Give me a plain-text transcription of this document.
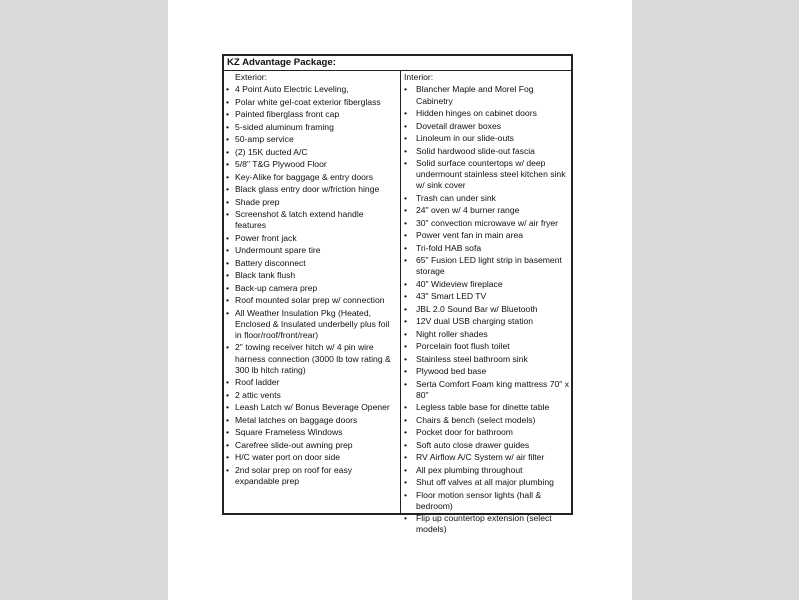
KZ Advantage Package:
Exterior:
• 4 Point Auto Electric Leveling,
• Polar white gel-coat exterior fiberglass
• Painted fiberglass front cap
• 5-sided aluminum framing
• 50-amp service
• (2) 15K ducted A/C
• 5/8" T&G Plywood Floor
• Key-Alike for baggage & entry doors
• Black glass entry door w/friction hinge
• Shade prep
• Screenshot & latch extend handle features
• Power front jack
• Undermount spare tire
• Battery disconnect
• Black tank flush
• Back-up camera prep
• Roof mounted solar prep w/ connection
• All Weather Insulation Pkg (Heated, Enclosed & Insulated underbelly plus foil in floor/roof/front/rear)
• 2" towing receiver hitch w/ 4 pin wire harness connection (3000 lb tow rating & 300 lb hitch rating)
• Roof ladder
• 2 attic vents
• Leash Latch w/ Bonus Beverage Opener
• Metal latches on baggage doors
• Square Frameless Windows
• Carefree slide-out awning prep
• H/C water port on door side
• 2nd solar prep on roof for easy expandable prep
Interior:
• Blancher Maple and Morel Fog Cabinetry
• Hidden hinges on cabinet doors
• Dovetail drawer boxes
• Linoleum in our slide-outs
• Solid hardwood slide-out fascia
• Solid surface countertops w/ deep undermount stainless steel kitchen sink w/ sink cover
• Trash can under sink
• 24" oven w/ 4 burner range
• 30" convection microwave w/ air fryer
• Power vent fan in main area
• Tri-fold HAB sofa
• 65" Fusion LED light strip in basement storage
• 40" Wideview fireplace
• 43" Smart LED TV
• JBL 2.0 Sound Bar w/ Bluetooth
• 12V dual USB charging station
• Night roller shades
• Porcelain foot flush toilet
• Stainless steel bathroom sink
• Plywood bed base
• Serta Comfort Foam king mattress 70" x 80"
• Legless table base for dinette table
• Chairs & bench (select models)
• Pocket door for bathroom
• Soft auto close drawer guides
• RV Airflow A/C System w/ air filter
• All pex plumbing throughout
• Shut off valves at all major plumbing
• Floor motion sensor lights (hall & bedroom)
• Flip up countertop extension (select models)
